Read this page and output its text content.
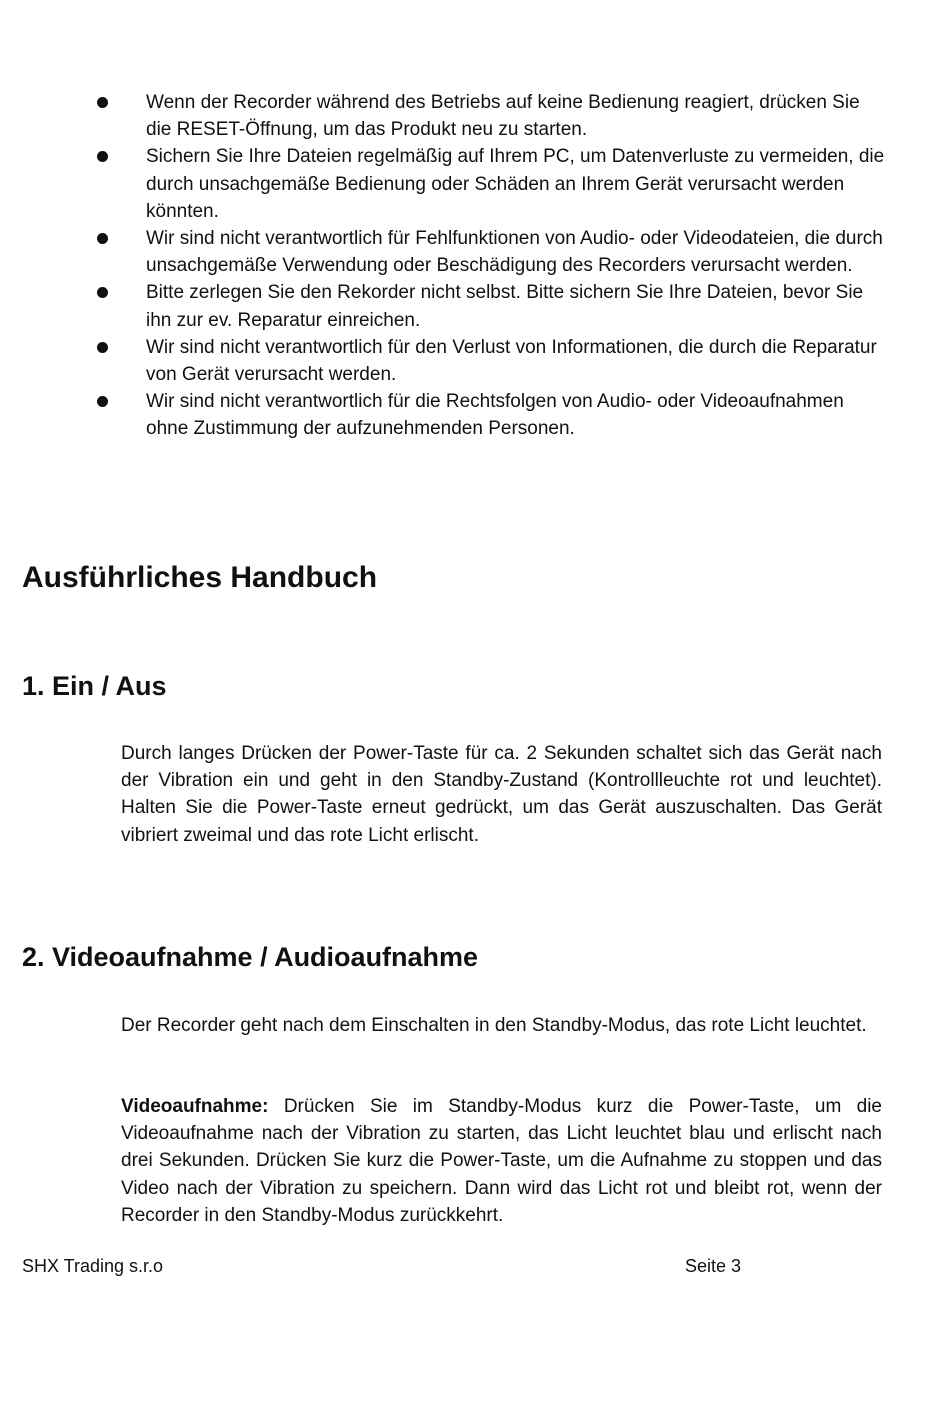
Wenn der Recorder während des Betriebs auf keine Bedienung reagiert, drücken Sie die RESET-Öffnung, um das Produkt neu zu starten.
Sichern Sie Ihre Dateien regelmäßig auf Ihrem PC, um Datenverluste zu vermeiden, die durch unsachgemäße Bedienung oder Schäden an Ihrem Gerät verursacht werden könnten.
Wir sind nicht verantwortlich für Fehlfunktionen von Audio- oder Videodateien, die durch unsachgemäße Verwendung oder Beschädigung des Recorders verursacht werden.
Bitte zerlegen Sie den Rekorder nicht selbst. Bitte sichern Sie Ihre Dateien, bevor Sie ihn zur ev. Reparatur einreichen.
Wir sind nicht verantwortlich für den Verlust von Informationen, die durch die Reparatur von Gerät verursacht werden.
Wir sind nicht verantwortlich für die Rechtsfolgen von Audio- oder Videoaufnahmen ohne Zustimmung der aufzunehmenden Personen.
Ausführliches Handbuch
1. Ein / Aus

Durch langes Drücken der Power-Taste für ca. 2 Sekunden schaltet sich das Gerät nach der Vibration ein und geht in den Standby-Zustand (Kontrollleuchte rot und leuchtet). Halten Sie die Power-Taste erneut gedrückt, um das Gerät auszuschalten. Das Gerät vibriert zweimal und das rote Licht erlischt.

2. Videoaufnahme / Audioaufnahme

Der Recorder geht nach dem Einschalten in den Standby-Modus, das rote Licht leuchtet.

Videoaufnahme: Drücken Sie im Standby-Modus kurz die Power-Taste, um die Videoaufnahme nach der Vibration zu starten, das Licht leuchtet blau und erlischt nach drei Sekunden. Drücken Sie kurz die Power-Taste, um die Aufnahme zu stoppen und das Video nach der Vibration zu speichern. Dann wird das Licht rot und bleibt rot, wenn der Recorder in den Standby-Modus zurückkehrt.

SHX Trading s.r.o	Seite 3
